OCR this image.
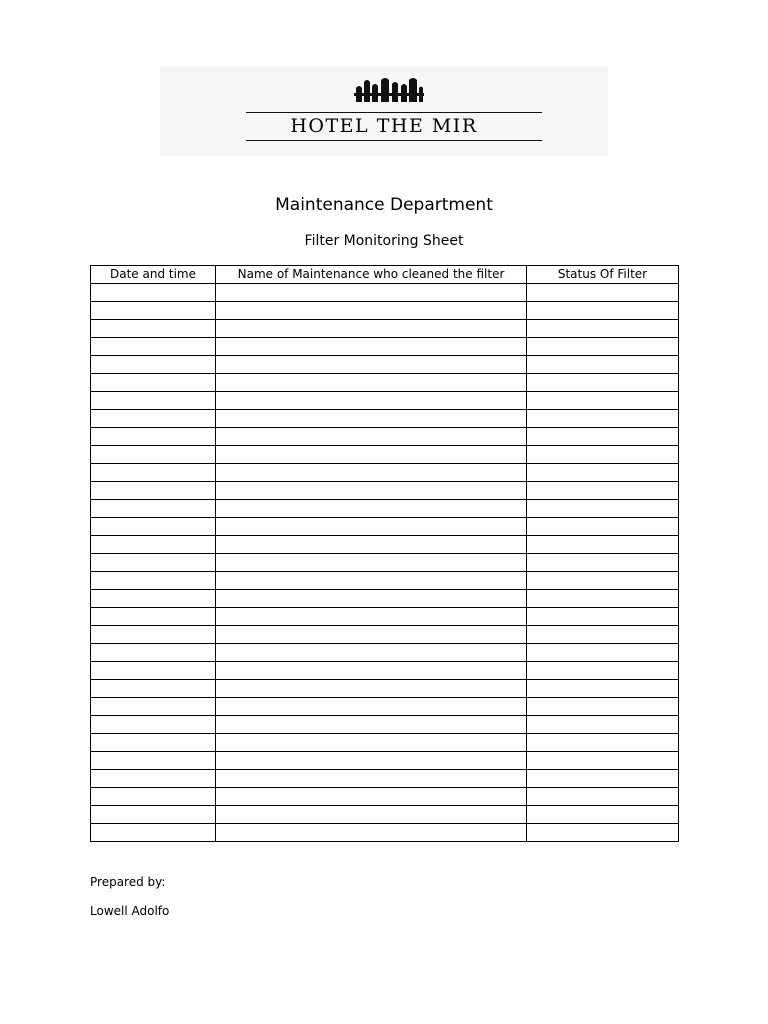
HOTEL THE MIR
Maintenance Department
Filter Monitoring Sheet
Date and time	Name of Maintenance who cleaned the filter	Status Of Filter

Prepared by:
Lowell Adolfo
